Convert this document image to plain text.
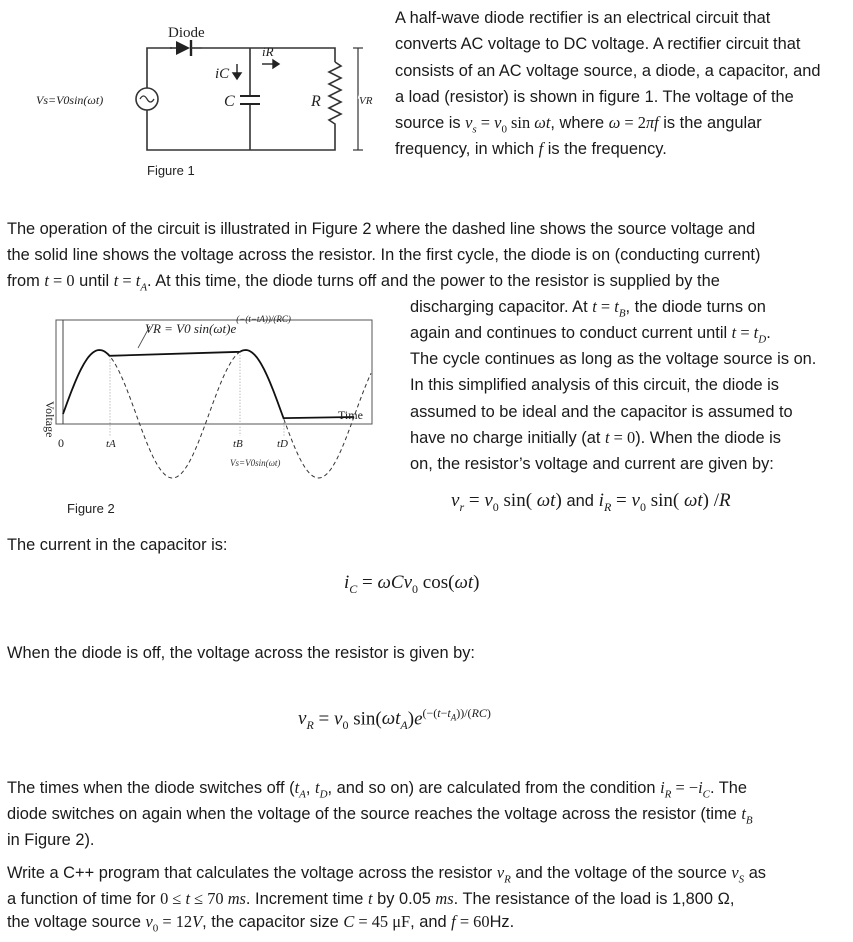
Diode
Vs=V0sin(ωt)
iC
iR
C	R	VR
Figure 1

A half-wave diode rectifier is an electrical circuit that

converts AC voltage to DC voltage. A rectifier circuit that

consists of an AC voltage source, a diode, a capacitor, and

a load (resistor) is shown in figure 1. The voltage of the

source is $v_s = v_0$ sin ωt, where ω = 2πf is the angular

frequency, in which f is the frequency.

The operation of the circuit is illustrated in Figure 2 where the dashed line shows the source voltage and

the solid line shows the voltage across the resistor. In the first cycle, the diode is on (conducting current)

from t = 0 until $t = t_A$. At this time, the diode turns off and the power to the resistor is supplied by the

Voltage	Time
0	tA	tB	tD
Vs=V0sin(ωt)
VR = V0 $\sin(\omega t)e^{(-(t-tA))/(RC)}$
Figure 2

discharging capacitor. At $t = t_B$, the diode turns on

again and continues to conduct current until $t = t_D$.

The cycle continues as long as the voltage source is on.

In this simplified analysis of this circuit, the diode is

assumed to be ideal and the capacitor is assumed to

have no charge initially (at t = 0). When the diode is

on, the resistor’s voltage and current are given by:

$v_r = v_0$ sin( ωt) and $i_R = v_0$ sin( ωt) /R

The current in the capacitor is:

$i_C = \omega Cv_0$ cos(ωt)

When the diode is off, the voltage across the resistor is given by:

$v_R = v_0$ $\sin(\omega t_A)e^{(-(t-t_A))/(RC)}$

The times when the diode switches off ($t_A$, $t_D$, and so on) are calculated from the condition $i_R = -i_C$. The

diode switches on again when the voltage of the source reaches the voltage across the resistor (time $t_B$

in Figure 2).

Write a C++ program that calculates the voltage across the resistor $v_R$ and the voltage of the source $v_S$ as

a function of time for 0 ≤ t ≤ 70 ms. Increment time t by 0.05 ms. The resistance of the load is 1,800 Ω,

the voltage source $v_0 = 12V$, the capacitor size C = 45 μF, and f = 60Hz.
